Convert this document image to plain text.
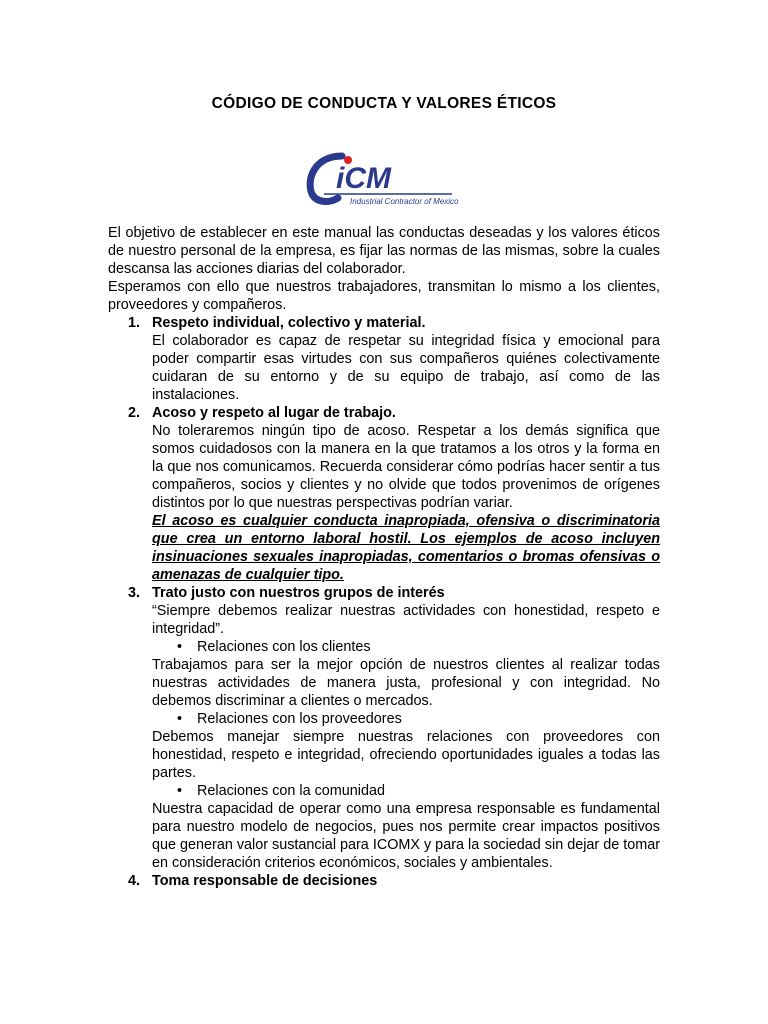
CÓDIGO DE CONDUCTA Y VALORES ÉTICOS
iCM
Industrial Contractor of Mexico

El objetivo de establecer en este manual las conductas deseadas y los valores éticos de nuestro personal de la empresa, es fijar las normas de las mismas, sobre la cuales descansa las acciones diarias del colaborador.

Esperamos con ello que nuestros trabajadores, transmitan lo mismo a los clientes, proveedores y compañeros.

1. Respeto individual, colectivo y material.

El colaborador es capaz de respetar su integridad física y emocional para poder compartir esas virtudes con sus compañeros quiénes colectivamente cuidaran de su entorno y de su equipo de trabajo, así como de las instalaciones.

2. Acoso y respeto al lugar de trabajo.

No toleraremos ningún tipo de acoso. Respetar a los demás significa que somos cuidadosos con la manera en la que tratamos a los otros y la forma en la que nos comunicamos. Recuerda considerar cómo podrías hacer sentir a tus compañeros, socios y clientes y no olvide que todos provenimos de orígenes distintos por lo que nuestras perspectivas podrían variar.

El acoso es cualquier conducta inapropiada, ofensiva o discriminatoria que crea un entorno laboral hostil. Los ejemplos de acoso incluyen insinuaciones sexuales inapropiadas, comentarios o bromas ofensivas o amenazas de cualquier tipo.

3. Trato justo con nuestros grupos de interés

“Siempre debemos realizar nuestras actividades con honestidad, respeto e integridad”.

• Relaciones con los clientes

Trabajamos para ser la mejor opción de nuestros clientes al realizar todas nuestras actividades de manera justa, profesional y con integridad. No debemos discriminar a clientes o mercados.

• Relaciones con los proveedores

Debemos manejar siempre nuestras relaciones con proveedores con honestidad, respeto e integridad, ofreciendo oportunidades iguales a todas las partes.

• Relaciones con la comunidad

Nuestra capacidad de operar como una empresa responsable es fundamental para nuestro modelo de negocios, pues nos permite crear impactos positivos que generan valor sustancial para ICOMX y para la sociedad sin dejar de tomar en consideración criterios económicos, sociales y ambientales.

4. Toma responsable de decisiones
